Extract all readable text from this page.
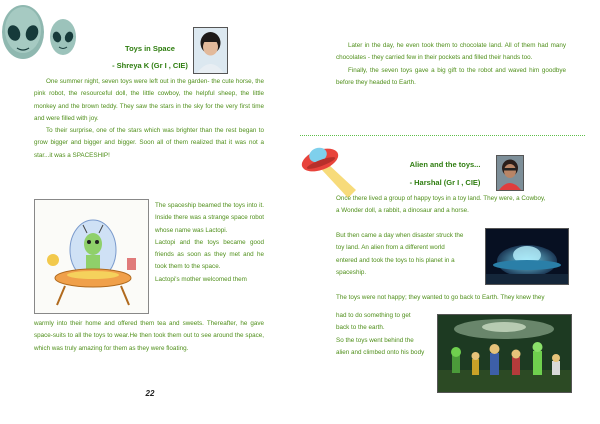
Toys in Space
- Shreya K (Gr I , CIE)

One summer night, seven toys were left out in the garden- the cute horse, the pink robot, the resourceful doll, the little cowboy, the helpful sheep, the little monkey and the brown teddy. They saw the stars in the sky for the very first time and were filled with joy.

To their surprise, one of the stars which was brighter than the rest began to grow bigger and bigger and bigger. Soon all of them realized that it was not a star...it was a SPACESHIP!

The spaceship beamed the toys into it. Inside there was a strange space robot whose name was Lactopi.

Lactopi and the toys became good friends as soon as they met and he took them to the space.

Lactopi's mother welcomed them

warmly into their home and offered them tea and sweets. Thereafter, he gave space-suits to all the toys to wear.He then took them out to see around the space, which was truly amazing for them as they were floating.

22

Later in the day, he even took them to chocolate land. All of them had many chocolates - they carried few in their pockets and filled their hands too.

Finally, the seven toys gave a big gift to the robot and waved him goodbye before they headed to Earth.

Alien and the toys...
- Harshal (Gr I , CIE)

Once there lived a group of happy toys in a toy land. They were, a Cowboy,

a Wonder doll, a rabbit, a dinosaur and a horse.

But then came a day when disaster struck the

toy land. An alien from a different world

entered and took the toys to his planet in a

spaceship.

The toys were not happy; they wanted to go back to Earth. They knew they

had to do something to get

back to the earth.

So the toys went behind the

alien and climbed onto his body
